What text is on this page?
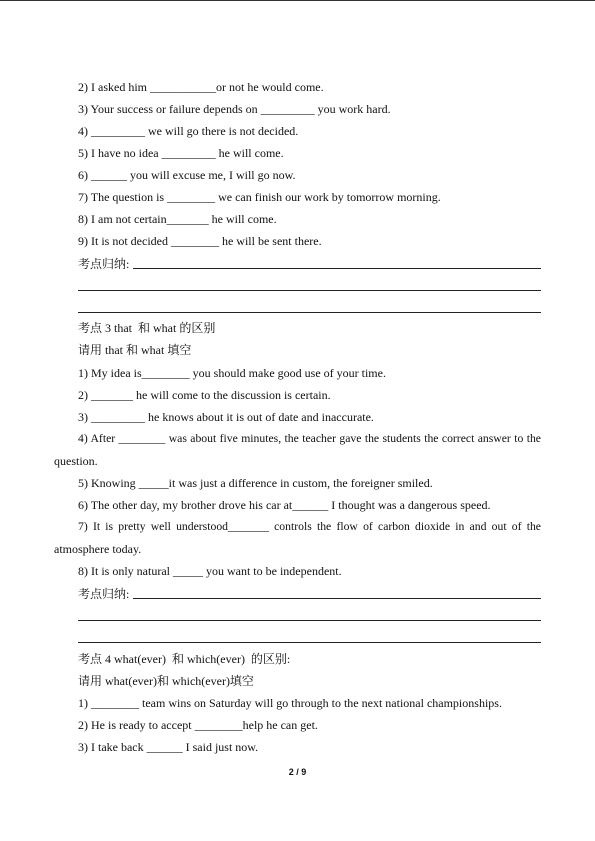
2) I asked him ___________or not he would come.
3) Your success or failure depends on _________ you work hard.
4) _________ we will go there is not decided.
5) I have no idea _________ he will come.
6) ______ you will excuse me, I will go now.
7) The question is ________ we can finish our work by tomorrow morning.
8) I am not certain_______ he will come.
9) It is not decided ________ he will be sent there.
考点归纳:
考点 3 that  和 what 的区别
请用 that 和 what 填空
1) My idea is________ you should make good use of your time.
2) _______ he will come to the discussion is certain.
3) _________ he knows about it is out of date and inaccurate.
4) After ________ was about five minutes, the teacher gave the students the correct answer to the
question.
5) Knowing _____it was just a difference in custom, the foreigner smiled.
6) The other day, my brother drove his car at______ I thought was a dangerous speed.
7) It is pretty well understood_______ controls the flow of carbon dioxide in and out of the
atmosphere today.
8) It is only natural _____ you want to be independent.
考点归纳:
考点 4 what(ever)  和 which(ever)  的区别:
请用 what(ever)和 which(ever)填空
1) ________ team wins on Saturday will go through to the next national championships.
2) He is ready to accept ________help he can get.
3) I take back ______ I said just now.
2 / 9
